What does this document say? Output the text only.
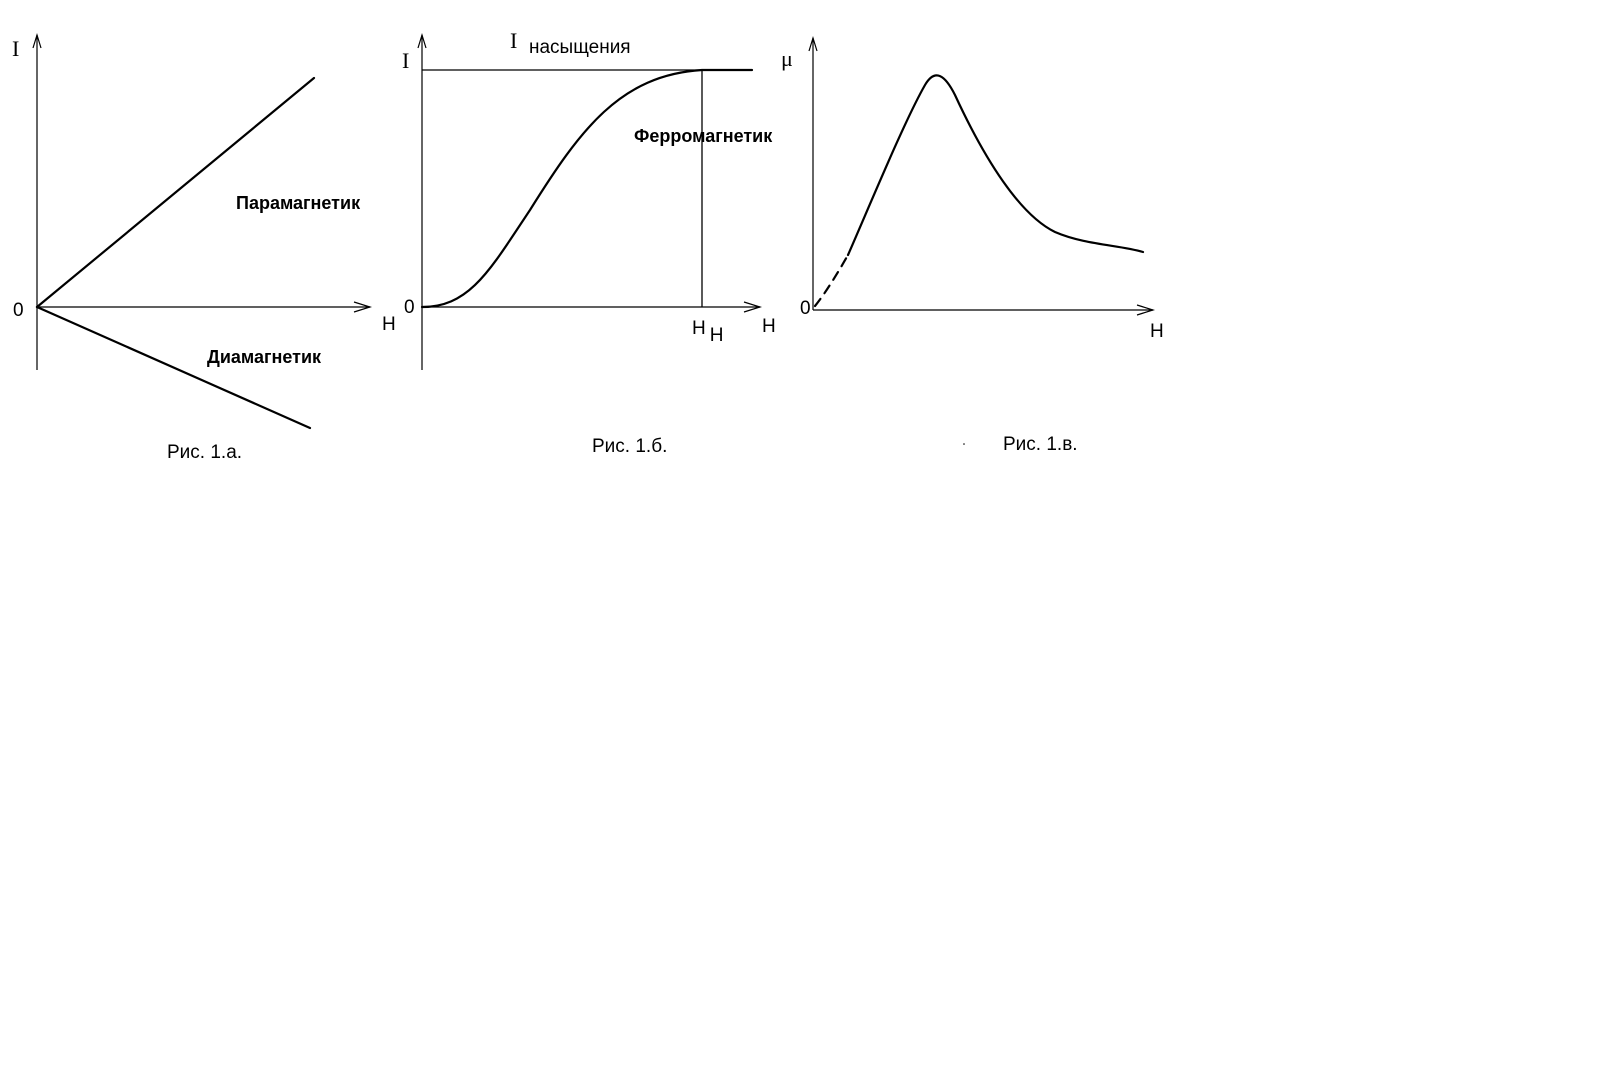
I
0
H
Парамагнетик
Диамагнетик
Рис. 1.а.
I
I насыщения
Ферромагнетик
0
H Н H
Рис. 1.б.
μ
0
H
Рис. 1.в.
